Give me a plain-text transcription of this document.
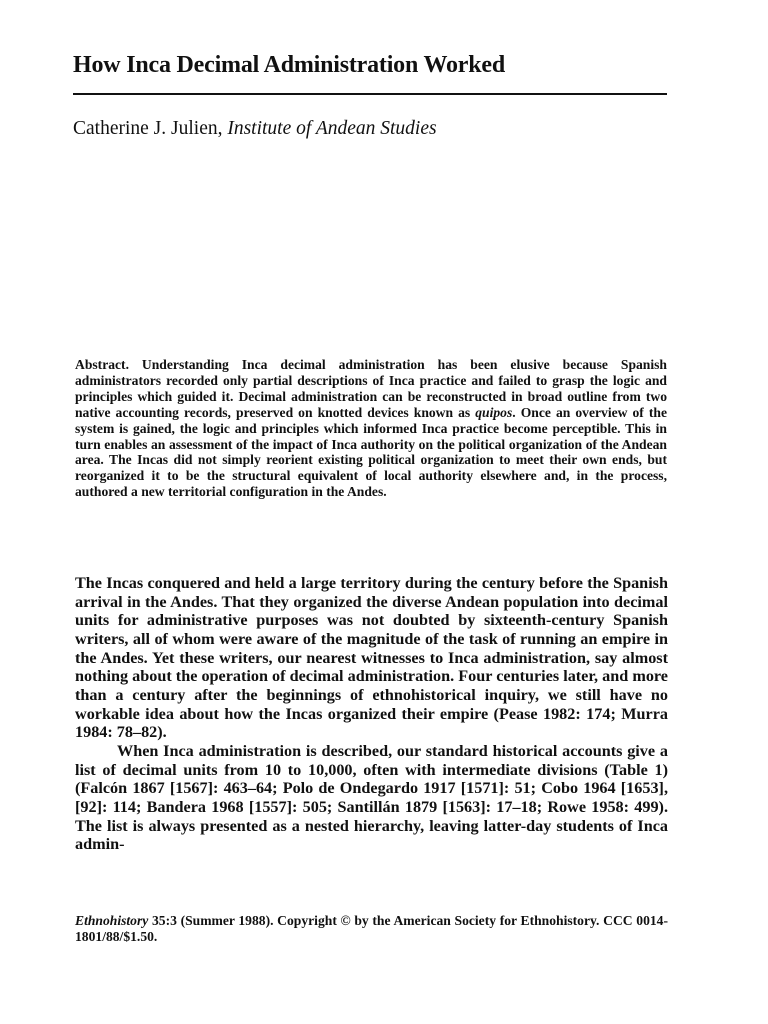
How Inca Decimal Administration Worked
Catherine J. Julien, Institute of Andean Studies
Abstract. Understanding Inca decimal administration has been elusive because Spanish administrators recorded only partial descriptions of Inca practice and failed to grasp the logic and principles which guided it. Decimal administration can be reconstructed in broad outline from two native accounting records, preserved on knotted devices known as quipos. Once an overview of the system is gained, the logic and principles which informed Inca practice become perceptible. This in turn enables an assessment of the impact of Inca authority on the political organization of the Andean area. The Incas did not simply reorient existing political organization to meet their own ends, but reorganized it to be the structural equivalent of local authority elsewhere and, in the process, authored a new territorial configuration in the Andes.

The Incas conquered and held a large territory during the century before the Spanish arrival in the Andes. That they organized the diverse Andean population into decimal units for administrative purposes was not doubted by sixteenth-century Spanish writers, all of whom were aware of the magnitude of the task of running an empire in the Andes. Yet these writers, our nearest witnesses to Inca administration, say almost nothing about the operation of decimal administration. Four centuries later, and more than a century after the beginnings of ethnohistorical inquiry, we still have no workable idea about how the Incas organized their empire (Pease 1982: 174; Murra 1984: 78–82).

When Inca administration is described, our standard historical accounts give a list of decimal units from 10 to 10,000, often with intermediate divisions (Table 1) (Falcón 1867 [1567]: 463–64; Polo de Ondegardo 1917 [1571]: 51; Cobo 1964 [1653], [92]: 114; Bandera 1968 [1557]: 505; Santillán 1879 [1563]: 17–18; Rowe 1958: 499). The list is always presented as a nested hierarchy, leaving latter-day students of Inca admin-

Ethnohistory 35:3 (Summer 1988). Copyright © by the American Society for Ethnohistory. CCC 0014-1801/88/$1.50.
